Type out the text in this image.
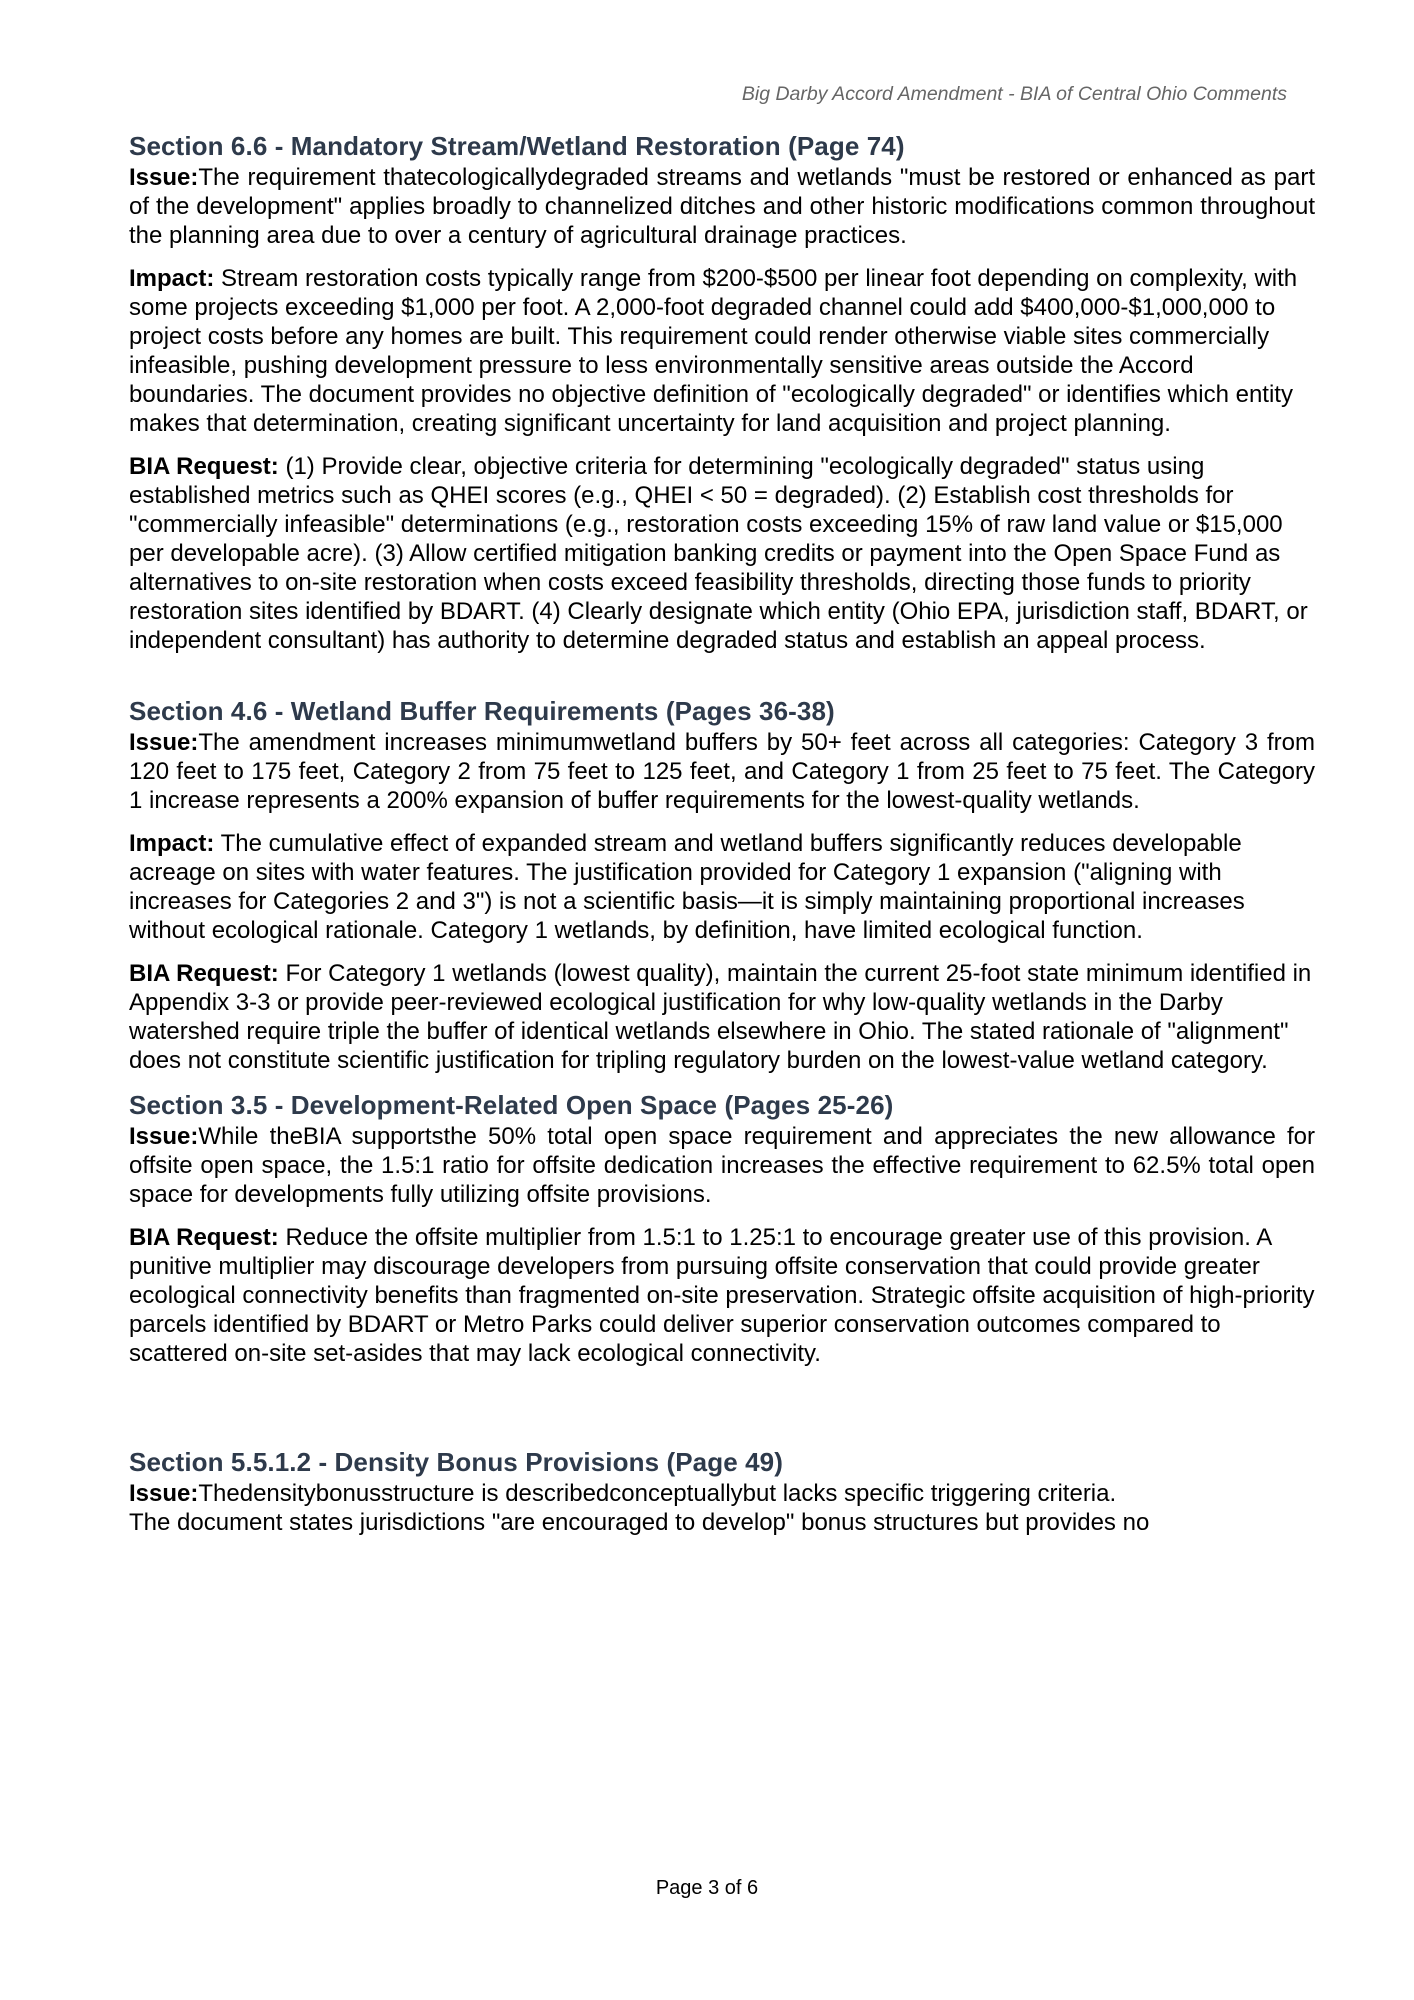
Big Darby Accord Amendment - BIA of Central Ohio Comments
Section 6.6 - Mandatory Stream/Wetland Restoration (Page 74)

Issue:The requirement thatecologicallydegraded streams and wetlands "must be restored or enhanced as part of the development" applies broadly to channelized ditches and other historic modifications common throughout the planning area due to over a century of agricultural drainage practices.

Impact: Stream restoration costs typically range from $200-$500 per linear foot depending on complexity, with some projects exceeding $1,000 per foot. A 2,000-foot degraded channel could add $400,000-$1,000,000 to project costs before any homes are built. This requirement could render otherwise viable sites commercially infeasible, pushing development pressure to less environmentally sensitive areas outside the Accord boundaries. The document provides no objective definition of "ecologically degraded" or identifies which entity makes that determination, creating significant uncertainty for land acquisition and project planning.

BIA Request: (1) Provide clear, objective criteria for determining "ecologically degraded" status using established metrics such as QHEI scores (e.g., QHEI < 50 = degraded). (2) Establish cost thresholds for "commercially infeasible" determinations (e.g., restoration costs exceeding 15% of raw land value or $15,000 per developable acre). (3) Allow certified mitigation banking credits or payment into the Open Space Fund as alternatives to on-site restoration when costs exceed feasibility thresholds, directing those funds to priority restoration sites identified by BDART. (4) Clearly designate which entity (Ohio EPA, jurisdiction staff, BDART, or independent consultant) has authority to determine degraded status and establish an appeal process.

Section 4.6 - Wetland Buffer Requirements (Pages 36-38)

Issue:The amendment increases minimumwetland buffers by 50+ feet across all categories: Category 3 from 120 feet to 175 feet, Category 2 from 75 feet to 125 feet, and Category 1 from 25 feet to 75 feet. The Category 1 increase represents a 200% expansion of buffer requirements for the lowest-quality wetlands.

Impact: The cumulative effect of expanded stream and wetland buffers significantly reduces developable acreage on sites with water features. The justification provided for Category 1 expansion ("aligning with increases for Categories 2 and 3") is not a scientific basis—it is simply maintaining proportional increases without ecological rationale. Category 1 wetlands, by definition, have limited ecological function.

BIA Request: For Category 1 wetlands (lowest quality), maintain the current 25-foot state minimum identified in Appendix 3-3 or provide peer-reviewed ecological justification for why low-quality wetlands in the Darby watershed require triple the buffer of identical wetlands elsewhere in Ohio. The stated rationale of "alignment" does not constitute scientific justification for tripling regulatory burden on the lowest-value wetland category.

Section 3.5 - Development-Related Open Space (Pages 25-26)

Issue:While theBIA supportsthe 50% total open space requirement and appreciates the new allowance for offsite open space, the 1.5:1 ratio for offsite dedication increases the effective requirement to 62.5% total open space for developments fully utilizing offsite provisions.

BIA Request: Reduce the offsite multiplier from 1.5:1 to 1.25:1 to encourage greater use of this provision. A punitive multiplier may discourage developers from pursuing offsite conservation that could provide greater ecological connectivity benefits than fragmented on-site preservation. Strategic offsite acquisition of high-priority parcels identified by BDART or Metro Parks could deliver superior conservation outcomes compared to scattered on-site set-asides that may lack ecological connectivity.

Section 5.5.1.2 - Density Bonus Provisions (Page 49)

Issue:Thedensitybonusstructure is describedconceptuallybut lacks specific triggering criteria.

The document states jurisdictions "are encouraged to develop" bonus structures but provides no

Page 3 of 6
